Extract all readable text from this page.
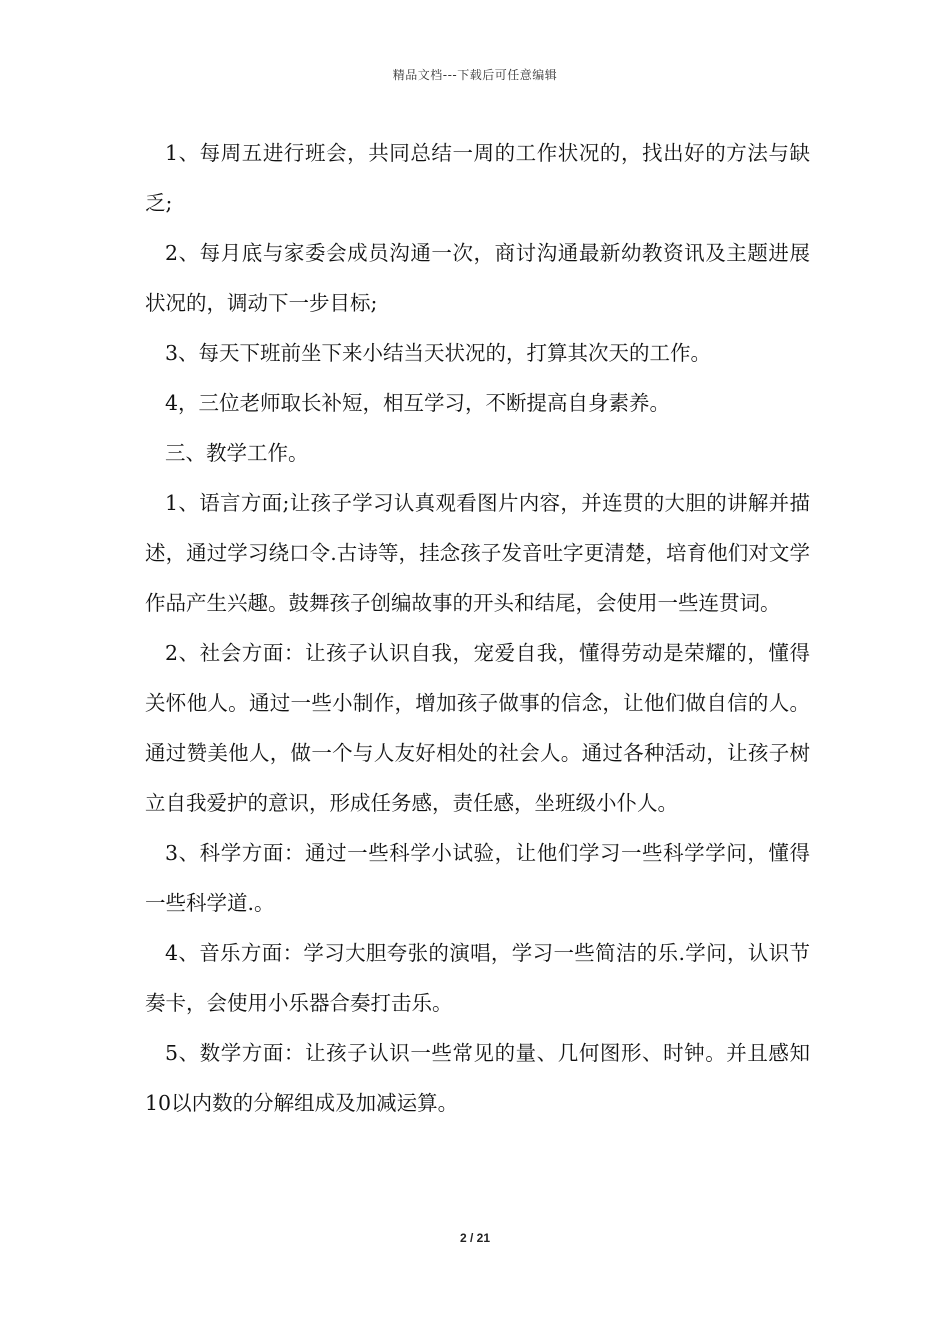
精品文档---下载后可任意编辑

1、每周五进行班会，共同总结一周的工作状况的，找出好的方法与缺乏;

2、每月底与家委会成员沟通一次，商讨沟通最新幼教资讯及主题进展状况的，调动下一步目标;

3、每天下班前坐下来小结当天状况的，打算其次天的工作。

4，三位老师取长补短，相互学习，不断提高自身素养。

三、教学工作。

1、语言方面;让孩子学习认真观看图片内容，并连贯的大胆的讲解并描述，通过学习绕口令.古诗等，挂念孩子发音吐字更清楚，培育他们对文学作品产生兴趣。鼓舞孩子创编故事的开头和结尾，会使用一些连贯词。

2、社会方面：让孩子认识自我，宠爱自我，懂得劳动是荣耀的，懂得关怀他人。通过一些小制作，增加孩子做事的信念，让他们做自信的人。通过赞美他人，做一个与人友好相处的社会人。通过各种活动，让孩子树立自我爱护的意识，形成任务感，责任感，坐班级小仆人。

3、科学方面：通过一些科学小试验，让他们学习一些科学学问，懂得一些科学道.。

4、音乐方面：学习大胆夸张的演唱，学习一些简洁的乐.学问，认识节奏卡，会使用小乐器合奏打击乐。

5、数学方面：让孩子认识一些常见的量、几何图形、时钟。并且感知10以内数的分解组成及加减运算。

2 / 21
